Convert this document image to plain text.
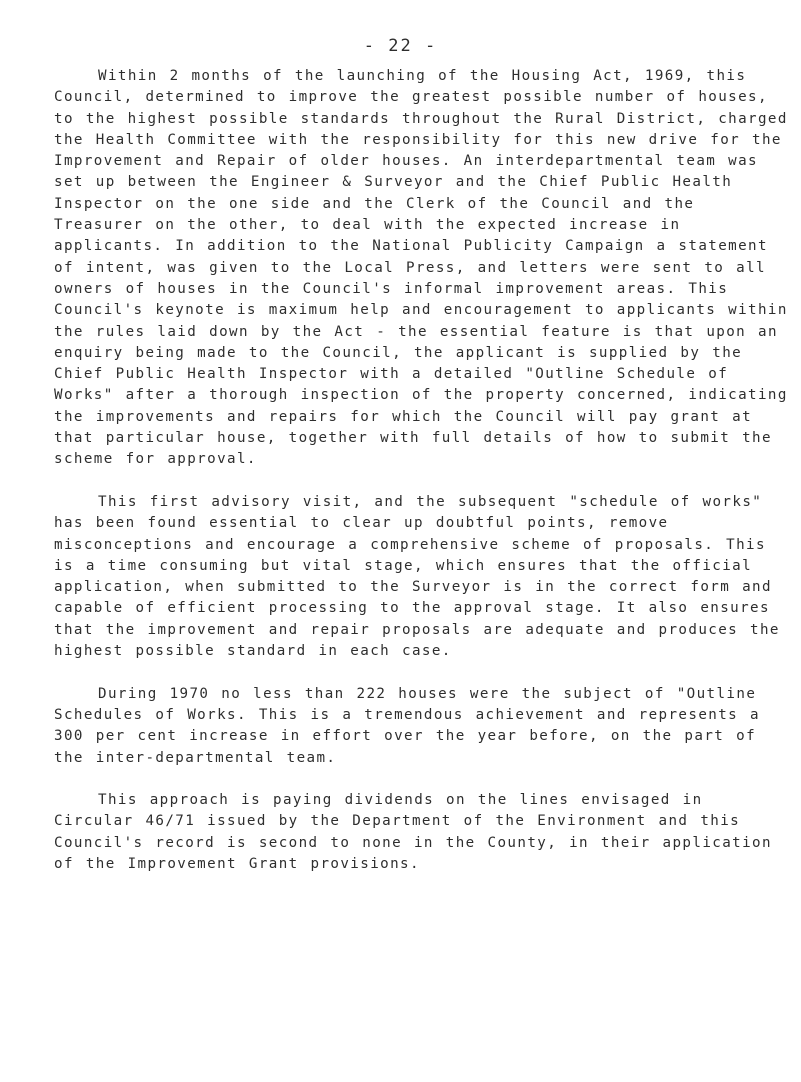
- 22 -

Within 2 months of the launching of the Housing Act, 1969, this Council, determined to improve the greatest possible number of houses, to the highest possible standards throughout the Rural District, charged the Health Committee with the responsibility for this new drive for the Improvement and Repair of older houses. An interdepartmental team was set up between the Engineer & Surveyor and the Chief Public Health Inspector on the one side and the Clerk of the Council and the Treasurer on the other, to deal with the expected increase in applicants. In addition to the National Publicity Campaign a statement of intent, was given to the Local Press, and letters were sent to all owners of houses in the Council's informal improvement areas. This Council's keynote is maximum help and encouragement to applicants within the rules laid down by the Act - the essential feature is that upon an enquiry being made to the Council, the applicant is supplied by the Chief Public Health Inspector with a detailed "Outline Schedule of Works" after a thorough inspection of the property concerned, indicating the improvements and repairs for which the Council will pay grant at that particular house, together with full details of how to submit the scheme for approval.

This first advisory visit, and the subsequent "schedule of works" has been found essential to clear up doubtful points, remove misconceptions and encourage a comprehensive scheme of proposals. This is a time consuming but vital stage, which ensures that the official application, when submitted to the Surveyor is in the correct form and capable of efficient processing to the approval stage. It also ensures that the improvement and repair proposals are adequate and produces the highest possible standard in each case.

During 1970 no less than 222 houses were the subject of "Outline Schedules of Works. This is a tremendous achievement and represents a 300 per cent increase in effort over the year before, on the part of the inter-departmental team.

This approach is paying dividends on the lines envisaged in Circular 46/71 issued by the Department of the Environment and this Council's record is second to none in the County, in their application of the Improvement Grant provisions.
